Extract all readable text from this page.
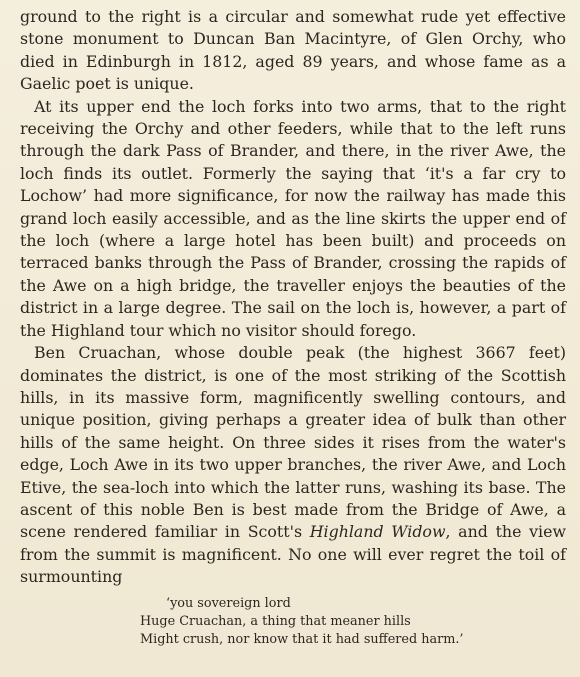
ground to the right is a circular and somewhat rude yet effective stone monument to Duncan Ban Macintyre, of Glen Orchy, who died in Edinburgh in 1812, aged 89 years, and whose fame as a Gaelic poet is unique.

At its upper end the loch forks into two arms, that to the right receiving the Orchy and other feeders, while that to the left runs through the dark Pass of Brander, and there, in the river Awe, the loch finds its outlet. Formerly the saying that ‘it's a far cry to Lochow’ had more significance, for now the railway has made this grand loch easily accessible, and as the line skirts the upper end of the loch (where a large hotel has been built) and proceeds on terraced banks through the Pass of Brander, crossing the rapids of the Awe on a high bridge, the traveller enjoys the beauties of the district in a large degree. The sail on the loch is, however, a part of the Highland tour which no visitor should forego.

Ben Cruachan, whose double peak (the highest 3667 feet) dominates the district, is one of the most striking of the Scottish hills, in its massive form, magnificently swelling contours, and unique position, giving perhaps a greater idea of bulk than other hills of the same height. On three sides it rises from the water's edge, Loch Awe in its two upper branches, the river Awe, and Loch Etive, the sea-loch into which the latter runs, washing its base. The ascent of this noble Ben is best made from the Bridge of Awe, a scene rendered familiar in Scott's Highland Widow, and the view from the summit is magnificent. No one will ever regret the toil of surmounting

‘you sovereign lord
Huge Cruachan, a thing that meaner hills
Might crush, nor know that it had suffered harm.’
